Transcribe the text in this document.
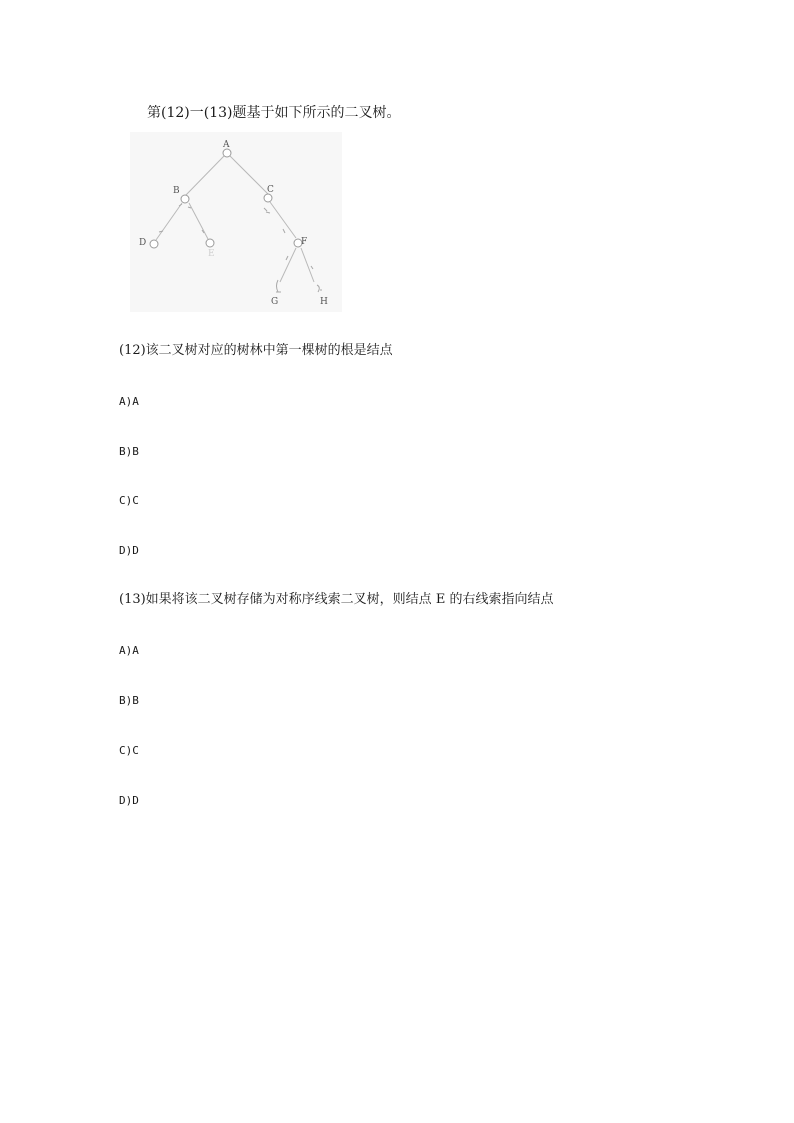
第(12)一(13)题基于如下所示的二叉树。
A
B	C
D
E
F
G	H
(12)该二叉树对应的树林中第一棵树的根是结点
A)A
B)B
C)C
D)D
(13)如果将该二叉树存储为对称序线索二叉树，则结点 E 的右线索指向结点
A)A
B)B
C)C
D)D
